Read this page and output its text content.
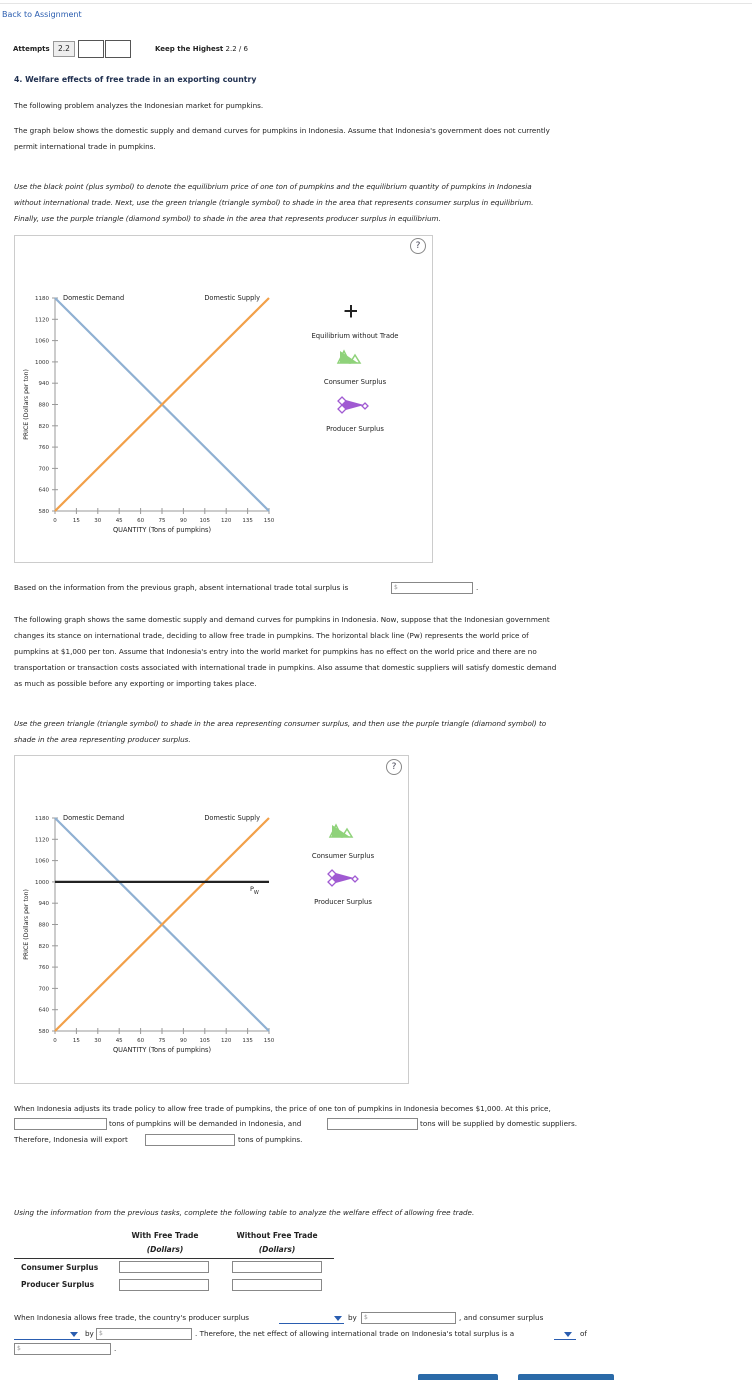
Back to Assignment
Attempts	2.2	Keep the Highest 2.2 / 6
4. Welfare effects of free trade in an exporting country
The following problem analyzes the Indonesian market for pumpkins.
The graph below shows the domestic supply and demand curves for pumpkins in Indonesia. Assume that Indonesia's government does not currently
permit international trade in pumpkins.
Use the black point (plus symbol) to denote the equilibrium price of one ton of pumpkins and the equilibrium quantity of pumpkins in Indonesia
without international trade. Next, use the green triangle (triangle symbol) to shade in the area that represents consumer surplus in equilibrium.
Finally, use the purple triangle (diamond symbol) to shade in the area that represents producer surplus in equilibrium.
?
580
640
700
760
820
880
940
1000
1060
1120
1180
0	15	30	45	60	75	90 105 120 135 150
QUANTITY (Tons of pumpkins)
PRICE (Dollars per ton)
Domestic Demand	Domestic Supply
Equilibrium without Trade
Consumer Surplus
Producer Surplus
Based on the information from the previous graph, absent international trade total surplus is	$	.
The following graph shows the same domestic supply and demand curves for pumpkins in Indonesia. Now, suppose that the Indonesian government
changes its stance on international trade, deciding to allow free trade in pumpkins. The horizontal black line (Pw) represents the world price of
pumpkins at $1,000 per ton. Assume that Indonesia's entry into the world market for pumpkins has no effect on the world price and there are no
transportation or transaction costs associated with international trade in pumpkins. Also assume that domestic suppliers will satisfy domestic demand
as much as possible before any exporting or importing takes place.
Use the green triangle (triangle symbol) to shade in the area representing consumer surplus, and then use the purple triangle (diamond symbol) to
shade in the area representing producer surplus.
?
580
640
700
760
820
880
940
1000
1060
1120
1180
0	15	30	45	60	75	90 105 120 135 150
QUANTITY (Tons of pumpkins)
PRICE (Dollars per ton)
Domestic Demand	Domestic Supply
$P_W$
Consumer Surplus
Producer Surplus
When Indonesia adjusts its trade policy to allow free trade of pumpkins, the price of one ton of pumpkins in Indonesia becomes $1,000. At this price,
tons of pumpkins will be demanded in Indonesia, and	tons will be supplied by domestic suppliers.
Therefore, Indonesia will export	tons of pumpkins.
Using the information from the previous tasks, complete the following table to analyze the welfare effect of allowing free trade.
With Free Trade	Without Free Trade
(Dollars)	(Dollars)
Consumer Surplus
Producer Surplus
When Indonesia allows free trade, the country's producer surplus	by	$	, and consumer surplus
by $	. Therefore, the net effect of allowing international trade on Indonesia's total surplus is a	of
$	.
